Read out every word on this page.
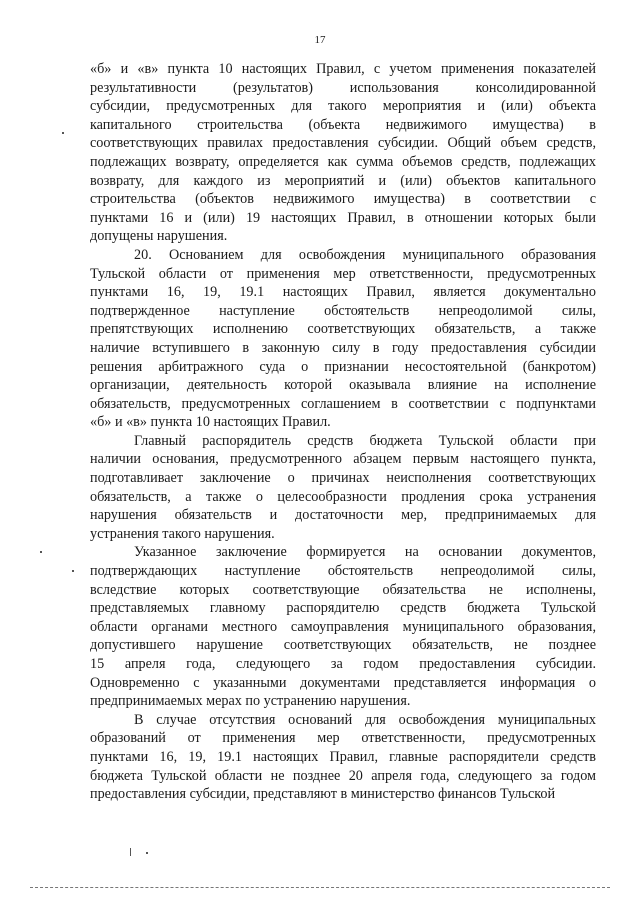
17
«б» и «в» пункта 10 настоящих Правил, с учетом применения показателей
результативности (результатов) использования консолидированной
субсидии, предусмотренных для такого мероприятия и (или) объекта
капитального строительства (объекта недвижимого имущества) в
соответствующих правилах предоставления субсидии. Общий объем средств,
подлежащих возврату, определяется как сумма объемов средств, подлежащих
возврату, для каждого из мероприятий и (или) объектов капитального
строительства (объектов недвижимого имущества) в соответствии с
пунктами 16 и (или) 19 настоящих Правил, в отношении которых были
допущены нарушения.
20. Основанием для освобождения муниципального образования
Тульской области от применения мер ответственности, предусмотренных
пунктами 16, 19, 19.1 настоящих Правил, является документально
подтвержденное наступление обстоятельств непреодолимой силы,
препятствующих исполнению соответствующих обязательств, а также
наличие вступившего в законную силу в году предоставления субсидии
решения арбитражного суда о признании несостоятельной (банкротом)
организации, деятельность которой оказывала влияние на исполнение
обязательств, предусмотренных соглашением в соответствии с подпунктами
«б» и «в» пункта 10 настоящих Правил.
Главный распорядитель средств бюджета Тульской области при
наличии основания, предусмотренного абзацем первым настоящего пункта,
подготавливает заключение о причинах неисполнения соответствующих
обязательств, а также о целесообразности продления срока устранения
нарушения обязательств и достаточности мер, предпринимаемых для
устранения такого нарушения.
Указанное заключение формируется на основании документов,
подтверждающих наступление обстоятельств непреодолимой силы,
вследствие которых соответствующие обязательства не исполнены,
представляемых главному распорядителю средств бюджета Тульской
области органами местного самоуправления муниципального образования,
допустившего нарушение соответствующих обязательств, не позднее
15 апреля года, следующего за годом предоставления субсидии.
Одновременно с указанными документами представляется информация о
предпринимаемых мерах по устранению нарушения.
В случае отсутствия оснований для освобождения муниципальных
образований от применения мер ответственности, предусмотренных
пунктами 16, 19, 19.1 настоящих Правил, главные распорядители средств
бюджета Тульской области не позднее 20 апреля года, следующего за годом
предоставления субсидии, представляют в министерство финансов Тульской
